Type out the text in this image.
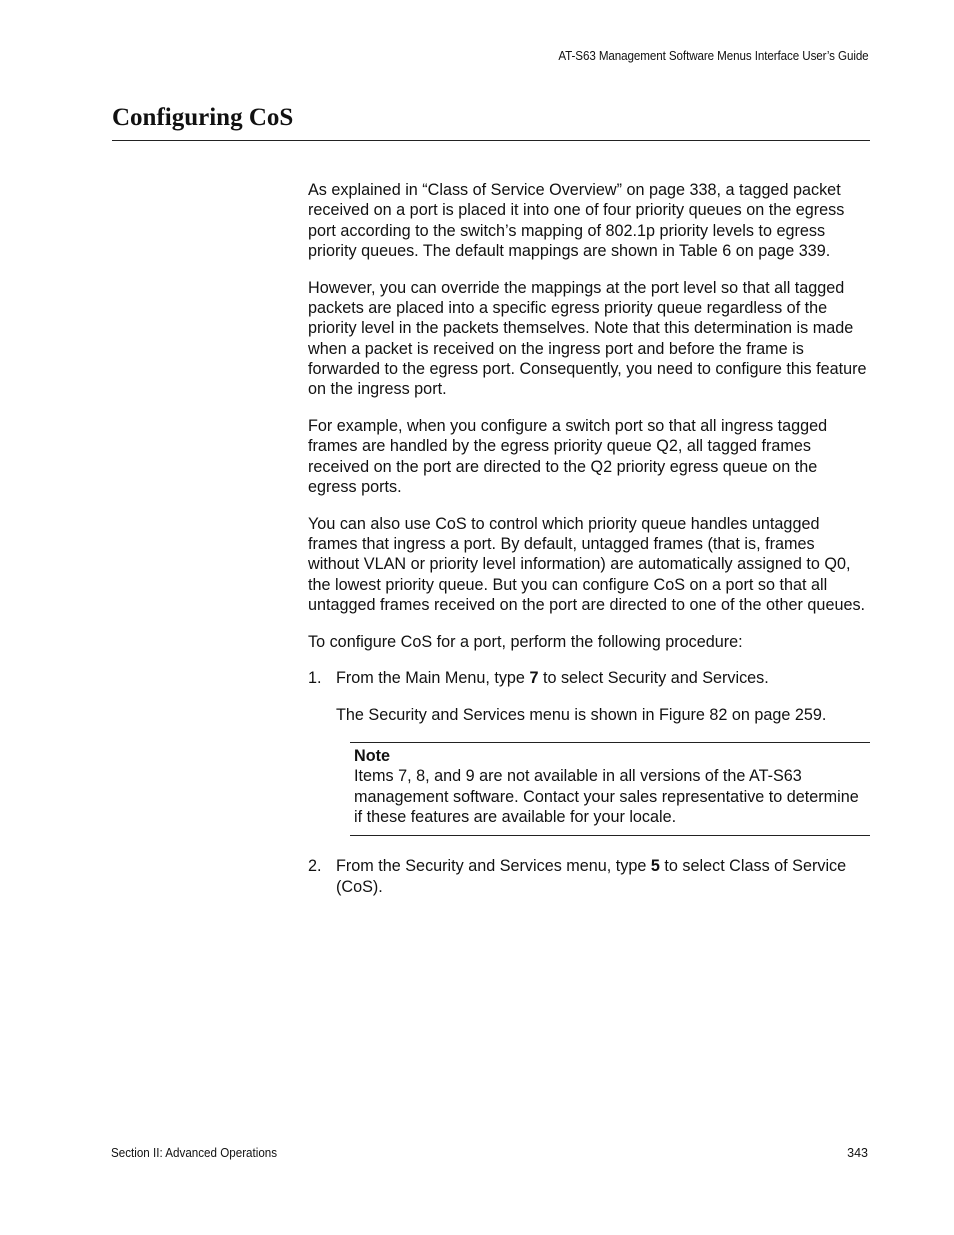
AT-S63 Management Software Menus Interface User’s Guide
Configuring CoS

As explained in “Class of Service Overview” on page 338, a tagged packet received on a port is placed it into one of four priority queues on the egress port according to the switch’s mapping of 802.1p priority levels to egress priority queues. The default mappings are shown in Table 6 on page 339.

However, you can override the mappings at the port level so that all tagged packets are placed into a specific egress priority queue regardless of the priority level in the packets themselves. Note that this determination is made when a packet is received on the ingress port and before the frame is forwarded to the egress port. Consequently, you need to configure this feature on the ingress port.

For example, when you configure a switch port so that all ingress tagged frames are handled by the egress priority queue Q2, all tagged frames received on the port are directed to the Q2 priority egress queue on the egress ports.

You can also use CoS to control which priority queue handles untagged frames that ingress a port. By default, untagged frames (that is, frames without VLAN or priority level information) are automatically assigned to Q0, the lowest priority queue. But you can configure CoS on a port so that all untagged frames received on the port are directed to one of the other queues.

To configure CoS for a port, perform the following procedure:

1. From the Main Menu, type 7 to select Security and Services.
The Security and Services menu is shown in Figure 82 on page 259.
Note
Items 7, 8, and 9 are not available in all versions of the AT-S63 management software. Contact your sales representative to determine if these features are available for your locale.
2. From the Security and Services menu, type 5 to select Class of Service (CoS).
Section II: Advanced Operations	343
